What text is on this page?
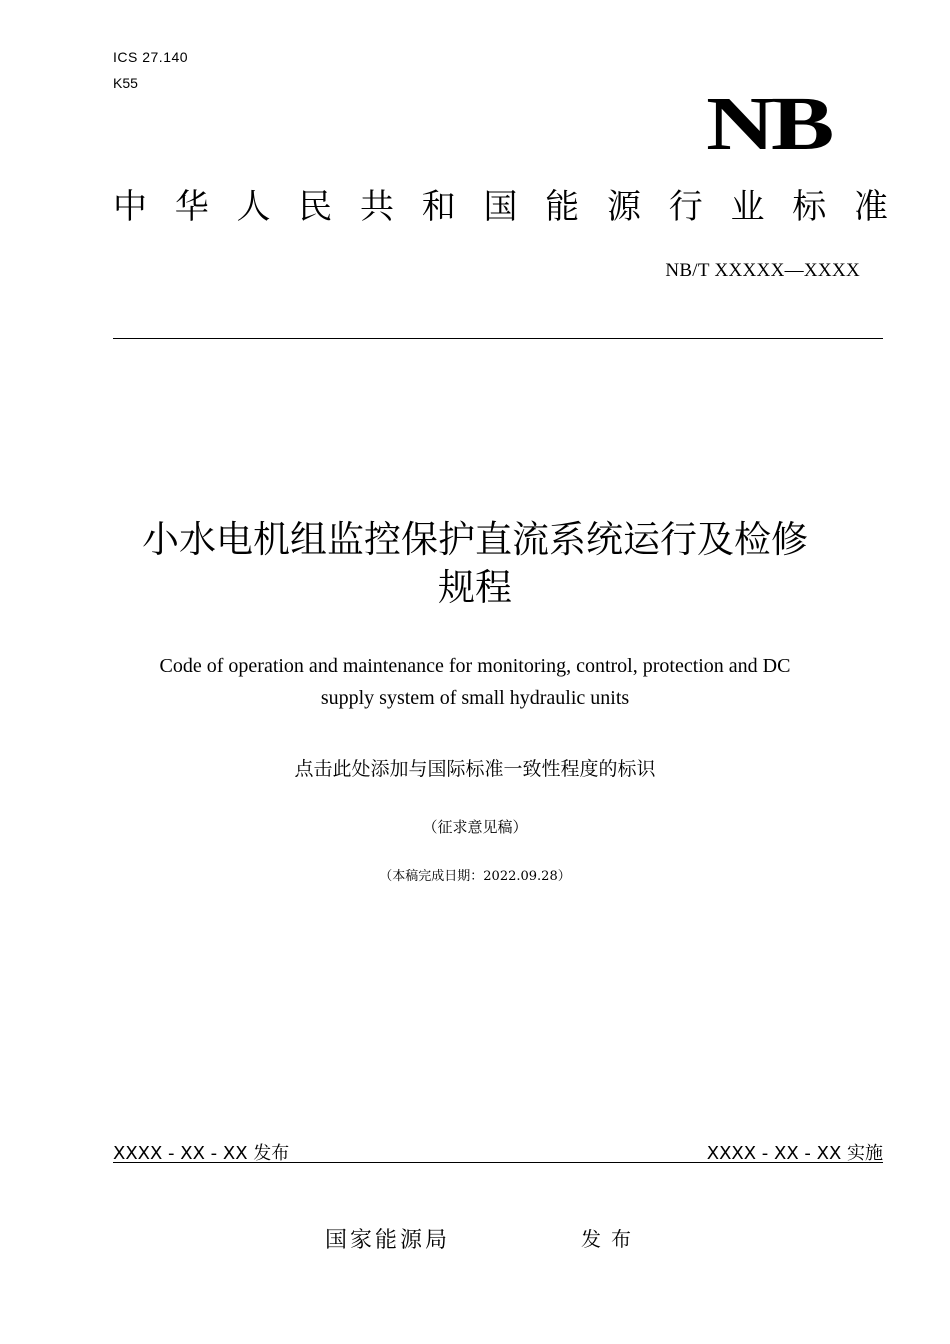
ICS 27.140
K55	NB
中 华 人 民 共 和 国 能 源 行 业 标 准
NB/T XXXXX—XXXX
小水电机组监控保护直流系统运行及检修
规程
Code of operation and maintenance for monitoring, control, protection and DC
supply system of small hydraulic units
点击此处添加与国际标准一致性程度的标识
（征求意见稿）
（本稿完成日期：2022.09.28）
XXXX - XX - XX 发布	XXXX - XX - XX 实施
国家能源局	发布
